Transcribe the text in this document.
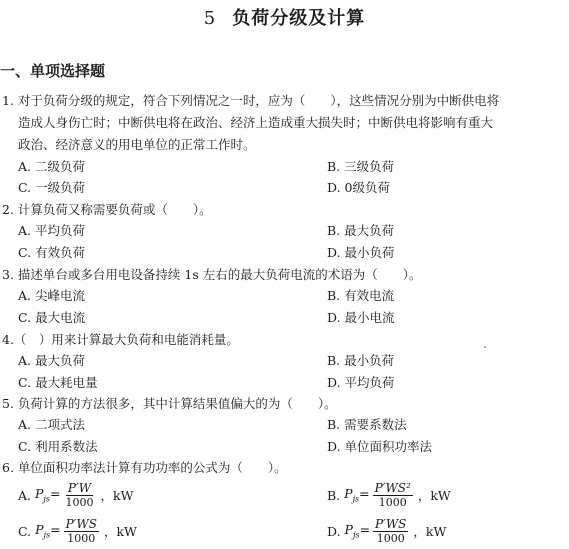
5 负荷分级及计算
一、单项选择题
1. 对于负荷分级的规定，符合下列情况之一时，应为（　　），这些情况分别为中断供电将
造成人身伤亡时；中断供电将在政治、经济上造成重大损失时；中断供电将影响有重大
政治、经济意义的用电单位的正常工作时。
A. 二级负荷	B. 三级负荷
C. 一级负荷	D. 0级负荷
2. 计算负荷又称需要负荷或（　　）。
A. 平均负荷	B. 最大负荷
C. 有效负荷	D. 最小负荷
3. 描述单台或多台用电设备持续 1s 左右的最大负荷电流的术语为（　　）。
A. 尖峰电流	B. 有效电流
C. 最大电流	D. 最小电流
4.（　）用来计算最大负荷和电能消耗量。
A. 最大负荷	B. 最小负荷
C. 最大耗电量	D. 平均负荷
5. 负荷计算的方法很多，其中计算结果值偏大的为（　　）。
A. 二项式法	B. 需要系数法
C. 利用系数法	D. 单位面积功率法
6. 单位面积功率法计算有功功率的公式为（　　）。
A. $P_{js}= \frac{P'W}{1000}$ ，kW	B. $P_{js}= \frac{\text{P′WS²}}{1000}$ ，kW
C. $P_{js}= \frac{P'WS}{1000}$ ，kW	D. $P_{js}= \frac{P'WS}{1000}$ ，kW
